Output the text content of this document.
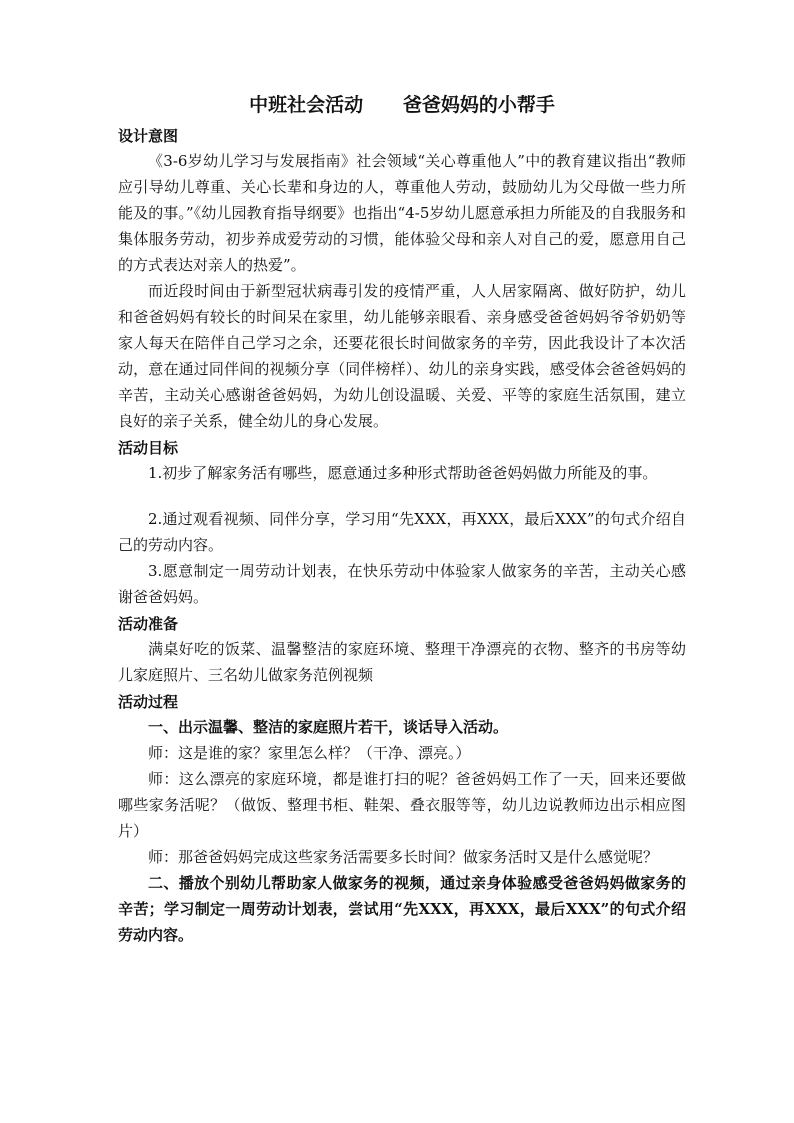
中班社会活动      爸爸妈妈的小帮手
设计意图

《3-6岁幼儿学习与发展指南》社会领域“关心尊重他人”中的教育建议指出“教师应引导幼儿尊重、关心长辈和身边的人，尊重他人劳动，鼓励幼儿为父母做一些力所能及的事。”《幼儿园教育指导纲要》也指出“4-5岁幼儿愿意承担力所能及的自我服务和集体服务劳动，初步养成爱劳动的习惯，能体验父母和亲人对自己的爱，愿意用自己的方式表达对亲人的热爱”。

而近段时间由于新型冠状病毒引发的疫情严重，人人居家隔离、做好防护，幼儿和爸爸妈妈有较长的时间呆在家里，幼儿能够亲眼看、亲身感受爸爸妈妈爷爷奶奶等家人每天在陪伴自己学习之余，还要花很长时间做家务的辛劳，因此我设计了本次活动，意在通过同伴间的视频分享（同伴榜样）、幼儿的亲身实践，感受体会爸爸妈妈的辛苦，主动关心感谢爸爸妈妈，为幼儿创设温暖、关爱、平等的家庭生活氛围，建立良好的亲子关系，健全幼儿的身心发展。

活动目标

1.初步了解家务活有哪些，愿意通过多种形式帮助爸爸妈妈做力所能及的事。

2.通过观看视频、同伴分享，学习用“先XXX，再XXX，最后XXX”的句式介绍自己的劳动内容。

3.愿意制定一周劳动计划表，在快乐劳动中体验家人做家务的辛苦，主动关心感谢爸爸妈妈。

活动准备

满桌好吃的饭菜、温馨整洁的家庭环境、整理干净漂亮的衣物、整齐的书房等幼儿家庭照片、三名幼儿做家务范例视频

活动过程

一、出示温馨、整洁的家庭照片若干，谈话导入活动。

师：这是谁的家？家里怎么样？（干净、漂亮。）

师：这么漂亮的家庭环境，都是谁打扫的呢？爸爸妈妈工作了一天，回来还要做哪些家务活呢？（做饭、整理书柜、鞋架、叠衣服等等，幼儿边说教师边出示相应图片）

师：那爸爸妈妈完成这些家务活需要多长时间？做家务活时又是什么感觉呢？

二、播放个别幼儿帮助家人做家务的视频，通过亲身体验感受爸爸妈妈做家务的辛苦；学习制定一周劳动计划表，尝试用“先XXX，再XXX，最后XXX”的句式介绍劳动内容。
